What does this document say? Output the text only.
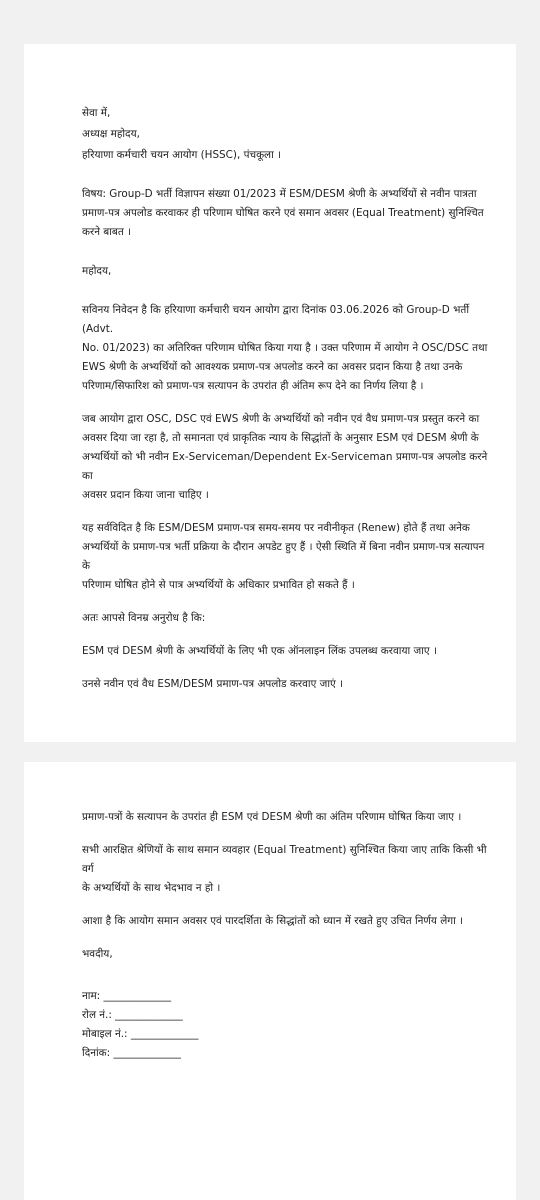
सेवा में,

अध्यक्ष महोदय,

हरियाणा कर्मचारी चयन आयोग (HSSC), पंचकूला ।

विषय: Group-D भर्ती विज्ञापन संख्या 01/2023 में ESM/DESM श्रेणी के अभ्यर्थियों से नवीन पात्रता

प्रमाण-पत्र अपलोड करवाकर ही परिणाम घोषित करने एवं समान अवसर (Equal Treatment) सुनिश्चित

करने बाबत ।

महोदय,

सविनय निवेदन है कि हरियाणा कर्मचारी चयन आयोग द्वारा दिनांक 03.06.2026 को Group-D भर्ती (Advt.

No. 01/2023) का अतिरिक्त परिणाम घोषित किया गया है । उक्त परिणाम में आयोग ने OSC/DSC तथा

EWS श्रेणी के अभ्यर्थियों को आवश्यक प्रमाण-पत्र अपलोड करने का अवसर प्रदान किया है तथा उनके

परिणाम/सिफारिश को प्रमाण-पत्र सत्यापन के उपरांत ही अंतिम रूप देने का निर्णय लिया है ।

जब आयोग द्वारा OSC, DSC एवं EWS श्रेणी के अभ्यर्थियों को नवीन एवं वैध प्रमाण-पत्र प्रस्तुत करने का

अवसर दिया जा रहा है, तो समानता एवं प्राकृतिक न्याय के सिद्धांतों के अनुसार ESM एवं DESM श्रेणी के

अभ्यर्थियों को भी नवीन Ex-Serviceman/Dependent Ex-Serviceman प्रमाण-पत्र अपलोड करने का

अवसर प्रदान किया जाना चाहिए ।

यह सर्वविदित है कि ESM/DESM प्रमाण-पत्र समय-समय पर नवीनीकृत (Renew) होते हैं तथा अनेक

अभ्यर्थियों के प्रमाण-पत्र भर्ती प्रक्रिया के दौरान अपडेट हुए हैं । ऐसी स्थिति में बिना नवीन प्रमाण-पत्र सत्यापन के

परिणाम घोषित होने से पात्र अभ्यर्थियों के अधिकार प्रभावित हो सकते हैं ।

अतः आपसे विनम्र अनुरोध है कि:

ESM एवं DESM श्रेणी के अभ्यर्थियों के लिए भी एक ऑनलाइन लिंक उपलब्ध करवाया जाए ।

उनसे नवीन एवं वैध ESM/DESM प्रमाण-पत्र अपलोड करवाए जाएं ।

प्रमाण-पत्रों के सत्यापन के उपरांत ही ESM एवं DESM श्रेणी का अंतिम परिणाम घोषित किया जाए ।

सभी आरक्षित श्रेणियों के साथ समान व्यवहार (Equal Treatment) सुनिश्चित किया जाए ताकि किसी भी वर्ग

के अभ्यर्थियों के साथ भेदभाव न हो ।

आशा है कि आयोग समान अवसर एवं पारदर्शिता के सिद्धांतों को ध्यान में रखते हुए उचित निर्णय लेगा ।

भवदीय,

नाम: _____________

रोल नं.: _____________

मोबाइल नं.: _____________

दिनांक: _____________
